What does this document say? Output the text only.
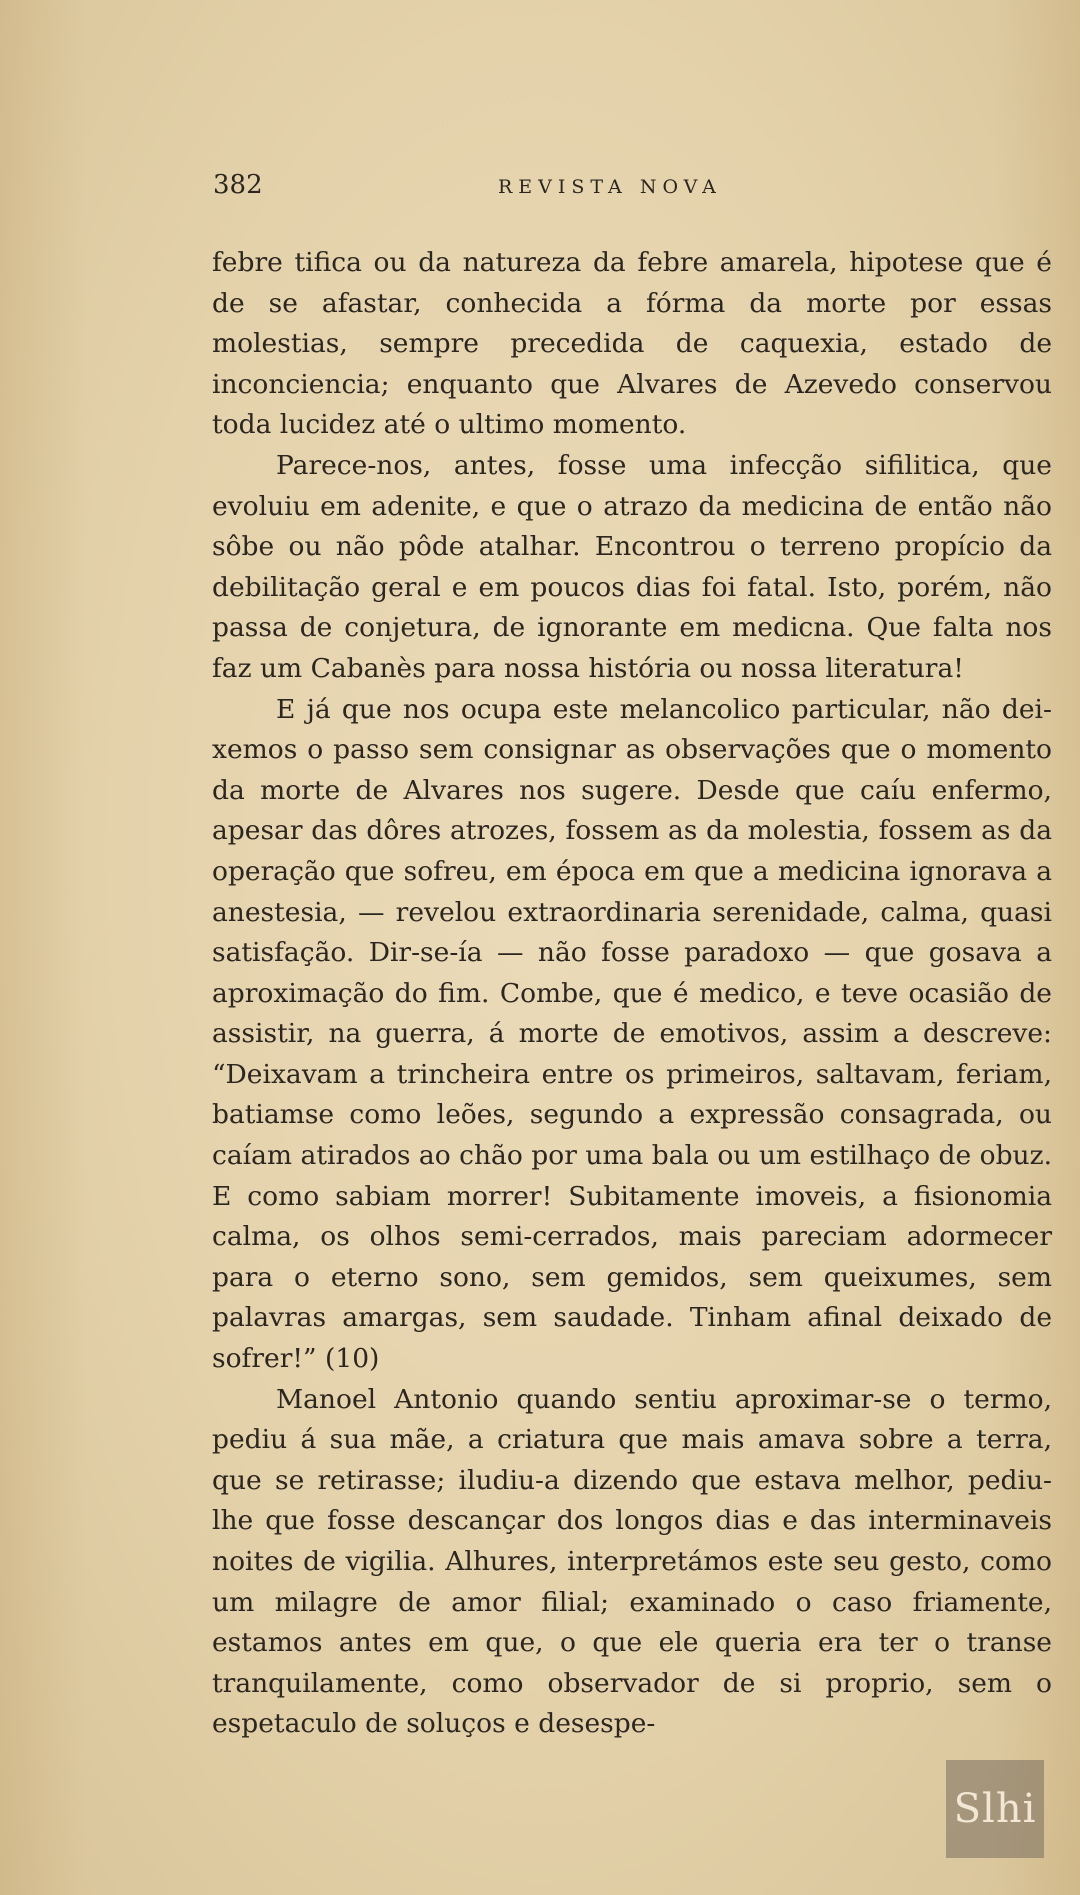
382	REVISTA NOVA

febre tifica ou da natureza da febre amarela, hipotese que é de se afastar, conhecida a fórma da morte por essas molestias, sempre precedida de caquexia, estado de inconciencia; enquanto que Alvares de Azevedo conservou toda lucidez até o ultimo momento.

Parece-nos, antes, fosse uma infecção sifilitica, que evoluiu em adenite, e que o atrazo da medicina de então não sôbe ou não pôde atalhar. Encontrou o terreno propício da debilitação geral e em poucos dias foi fatal. Isto, porém, não passa de conjetura, de ignorante em medicna. Que falta nos faz um Cabanès para nossa história ou nossa literatura!

E já que nos ocupa este melancolico particular, não deixemos o passo sem consignar as observações que o momento da morte de Alvares nos sugere. Desde que caíu enfermo, apesar das dôres atrozes, fossem as da molestia, fossem as da operação que sofreu, em época em que a medicina ignorava a anestesia, — revelou extraordinaria serenidade, calma, quasi satisfação. Dir-se-ía — não fosse paradoxo — que gosava a aproximação do fim. Combe, que é medico, e teve ocasião de assistir, na guerra, á morte de emotivos, assim a descreve: “Deixavam a trincheira entre os primeiros, saltavam, feriam, batiamse como leões, segundo a expressão consagrada, ou caíam atirados ao chão por uma bala ou um estilhaço de obuz. E como sabiam morrer! Subitamente imoveis, a fisionomia calma, os olhos semi-cerrados, mais pareciam adormecer para o eterno sono, sem gemidos, sem queixumes, sem palavras amargas, sem saudade. Tinham afinal deixado de sofrer!” (10)

Manoel Antonio quando sentiu aproximar-se o termo, pediu á sua mãe, a criatura que mais amava sobre a terra, que se retirasse; iludiu-a dizendo que estava melhor, pediu-lhe que fosse descançar dos longos dias e das interminaveis noites de vigilia. Alhures, interpretámos este seu gesto, como um milagre de amor filial; examinado o caso friamente, estamos antes em que, o que ele queria era ter o transe tranquilamente, como observador de si proprio, sem o espetaculo de soluços e desespe-

Slhi
